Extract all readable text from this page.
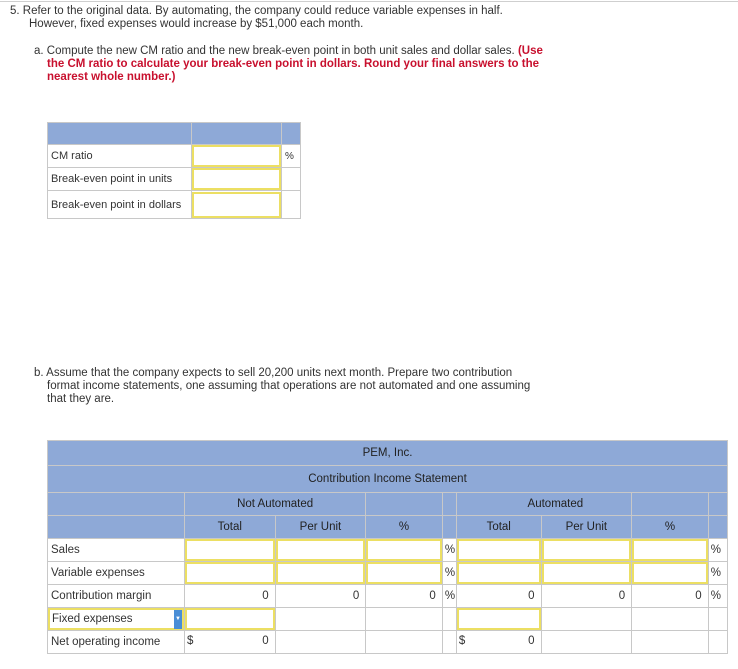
5. Refer to the original data. By automating, the company could reduce variable expenses in half.
However, fixed expenses would increase by $51,000 each month.
a. Compute the new CM ratio and the new break-even point in both unit sales and dollar sales. (Use
the CM ratio to calculate your break-even point in dollars. Round your final answers to the
nearest whole number.)

CM ratio		%
Break-even point in units	

Break-even point in dollars	

b. Assume that the company expects to sell 20,200 units next month. Prepare two contribution
format income statements, one assuming that operations are not automated and one assuming
that they are.
PEM, Inc.								
Contribution Income Statement								
	Not Automated				Automated			
	Total	Per Unit	%		Total	Per Unit	%	
Sales				%				%
Variable expenses				%				%
Contribution margin	0	0	0	%	0	0	0	%

Fixed expenses ▼								

Net operating income	$ 0				$ 0			
